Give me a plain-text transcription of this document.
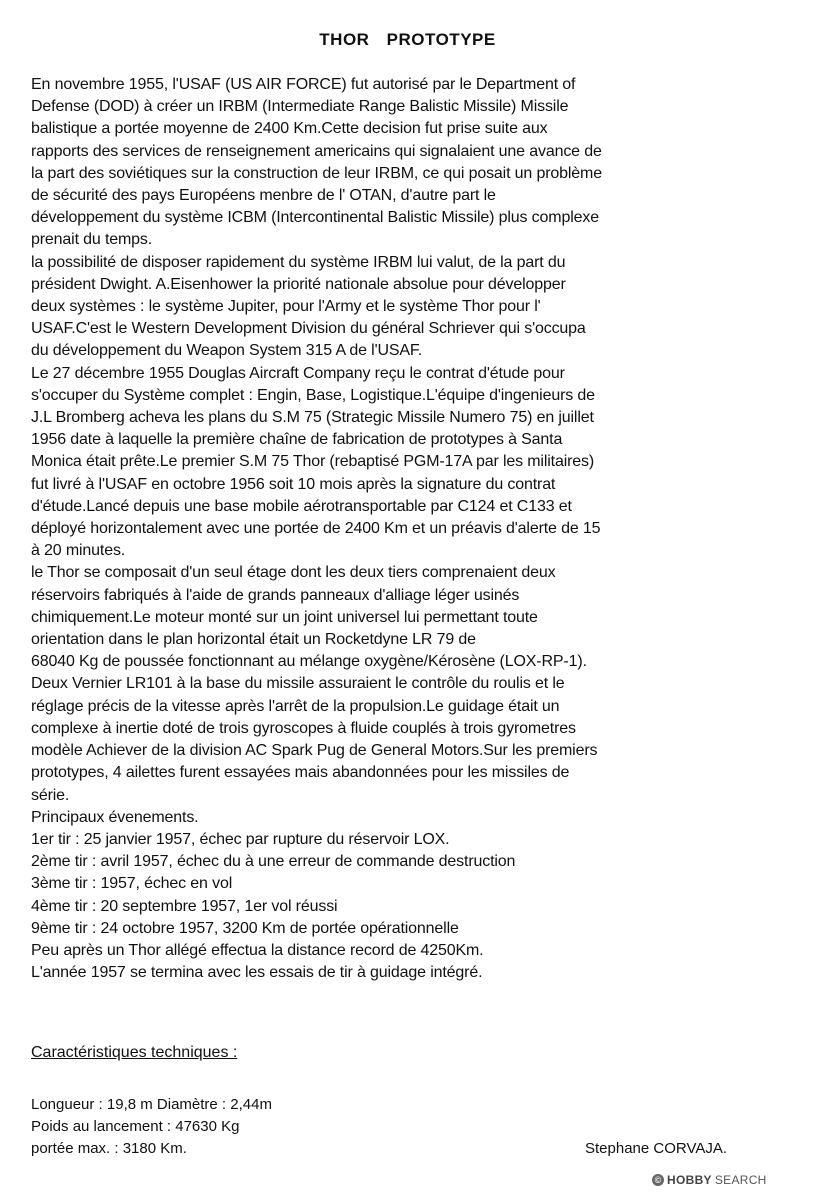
THOR PROTOTYPE
En novembre 1955, l'USAF (US AIR FORCE) fut autorisé par le Department of
Defense (DOD) à créer un IRBM (Intermediate Range Balistic Missile) Missile
balistique a portée moyenne de 2400 Km.Cette decision fut prise suite aux
rapports des services de renseignement americains qui signalaient une avance de
la part des soviétiques sur la construction de leur IRBM, ce qui posait un problème
de sécurité des pays Européens menbre de l' OTAN, d'autre part le
développement du système ICBM (Intercontinental Balistic Missile) plus complexe
prenait du temps.
la possibilité de disposer rapidement du système IRBM lui valut, de la part du
président Dwight. A.Eisenhower la priorité nationale absolue pour développer
deux systèmes : le système Jupiter, pour l'Army et le système Thor pour l'
USAF.C'est le Western Development Division du général Schriever qui s'occupa
du développement du Weapon System 315 A de l'USAF.
Le 27 décembre 1955 Douglas Aircraft Company reçu le contrat d'étude pour
s'occuper du Système complet : Engin, Base, Logistique.L'équipe d'ingenieurs de
J.L Bromberg acheva les plans du S.M 75 (Strategic Missile Numero 75) en juillet
1956 date à laquelle la première chaîne de fabrication de prototypes à Santa
Monica était prête.Le premier S.M 75 Thor (rebaptisé PGM-17A par les militaires)
fut livré à l'USAF en octobre 1956 soit 10 mois après la signature du contrat
d'étude.Lancé depuis une base mobile aérotransportable par C124 et C133 et
déployé horizontalement avec une portée de 2400 Km et un préavis d'alerte de 15
à 20 minutes.
le Thor se composait d'un seul étage dont les deux tiers comprenaient deux
réservoirs fabriqués à l'aide de grands panneaux d'alliage léger usinés
chimiquement.Le moteur monté sur un joint universel lui permettant toute
orientation dans le plan horizontal était un Rocketdyne LR 79 de
68040 Kg de poussée fonctionnant au mélange oxygène/Kérosène (LOX-RP-1).
Deux Vernier LR101 à la base du missile assuraient le contrôle du roulis et le
réglage précis de la vitesse après l'arrêt de la propulsion.Le guidage était un
complexe à inertie doté de trois gyroscopes à fluide couplés à trois gyrometres
modèle Achiever de la division AC Spark Pug de General Motors.Sur les premiers
prototypes, 4 ailettes furent essayées mais abandonnées pour les missiles de
série.
Principaux évenements.
1er tir : 25 janvier 1957, échec par rupture du réservoir LOX.
2ème tir : avril 1957, échec du à une erreur de commande destruction
3ème tir : 1957, échec en vol
4ème tir : 20 septembre 1957, 1er vol réussi
9ème tir : 24 octobre 1957, 3200 Km de portée opérationnelle
Peu après un Thor allégé effectua la distance record de 4250Km.
L'année 1957 se termina avec les essais de tir à guidage intégré.
Caractéristiques techniques :
Longueur : 19,8 m Diamètre : 2,44m
Poids au lancement : 47630 Kg
portée max. : 3180 Km.	Stephane CORVAJA.
© HOBBY SEARCH
